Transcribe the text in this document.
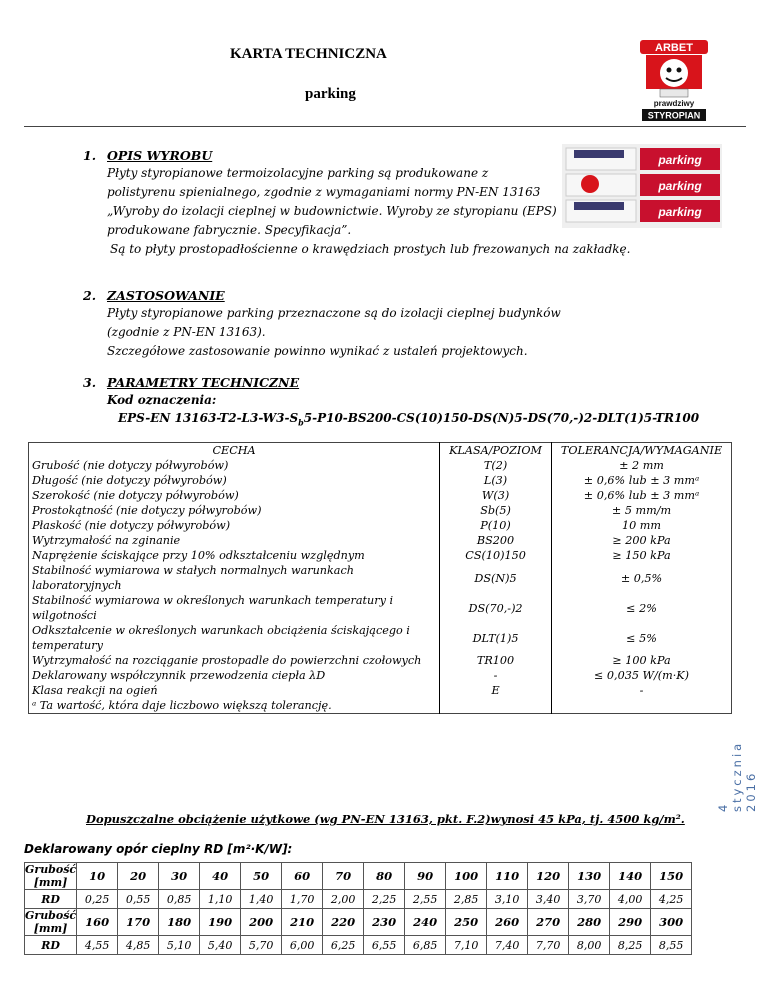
KARTA TECHNICZNA
parking
ARBET
prawdziwy
STYROPIAN
1. OPIS WYROBU
Płyty styropianowe termoizolacyjne parking są produkowane z
polistyrenu spienialnego, zgodnie z wymaganiami normy PN-EN 13163
„Wyroby do izolacji cieplnej w budownictwie. Wyroby ze styropianu (EPS)
produkowane fabrycznie. Specyfikacja”.
Są to płyty prostopadłościenne o krawędziach prostych lub frezowanych na zakładkę.
parking
parking
parking
2. ZASTOSOWANIE
Płyty styropianowe parking przeznaczone są do izolacji cieplnej budynków
(zgodnie z PN-EN 13163).
Szczegółowe zastosowanie powinno wynikać z ustaleń projektowych.
3. PARAMETRY TECHNICZNE
Kod oznaczenia:
EPS-EN $13163-T2-L3-W3-S_b5-P10-BS200-CS(10)150-DS(N)5-DS(70,-)2-DLT(1)5-TR100$
CECHA	KLASA/POZIOM	TOLERANCJA/WYMAGANIE
Grubość (nie dotyczy półwyrobów)	T(2)	± 2 mm
Długość (nie dotyczy półwyrobów)	L(3)	± 0,6% lub ± 3 mmᵃ
Szerokość (nie dotyczy półwyrobów)	W(3)	± 0,6% lub ± 3 mmᵃ
Prostokątność (nie dotyczy półwyrobów)	Sb(5)	± 5 mm/m
Płaskość (nie dotyczy półwyrobów)	P(10)	10 mm
Wytrzymałość na zginanie	BS200	≥ 200 kPa
Naprężenie ściskające przy 10% odkształceniu względnym	CS(10)150	≥ 150 kPa
Stabilność wymiarowa w stałych normalnych warunkach laboratoryjnych	DS(N)5	± 0,5%
Stabilność wymiarowa w określonych warunkach temperatury i wilgotności	DS(70,-)2	≤ 2%
Odkształcenie w określonych warunkach obciążenia ściskającego i temperatury	DLT(1)5	≤ 5%
Wytrzymałość na rozciąganie prostopadle do powierzchni czołowych	TR100	≥ 100 kPa
Deklarowany współczynnik przewodzenia ciepła λD	-	≤ 0,035 W/(m·K)
Klasa reakcji na ogień	E	-
ᵃ Ta wartość, która daje liczbowo większą tolerancję.		
Dopuszczalne obciążenie użytkowe (wg PN-EN 13163, pkt. F.2)wynosi 45 kPa, tj. 4500 kg/m².
Deklarowany opór cieplny RD [m²·K/W]:
Grubość [mm]	10	20	30	40	50	60	70	80	90	100	110	120	130	140	150
RD	0,25	0,55	0,85	1,10	1,40	1,70	2,00	2,25	2,55	2,85	3,10	3,40	3,70	4,00	4,25
Grubość [mm]	160	170	180	190	200	210	220	230	240	250	260	270	280	290	300
RD	4,55	4,85	5,10	5,40	5,70	6,00	6,25	6,55	6,85	7,10	7,40	7,70	8,00	8,25	8,55
4 stycznia 2016
